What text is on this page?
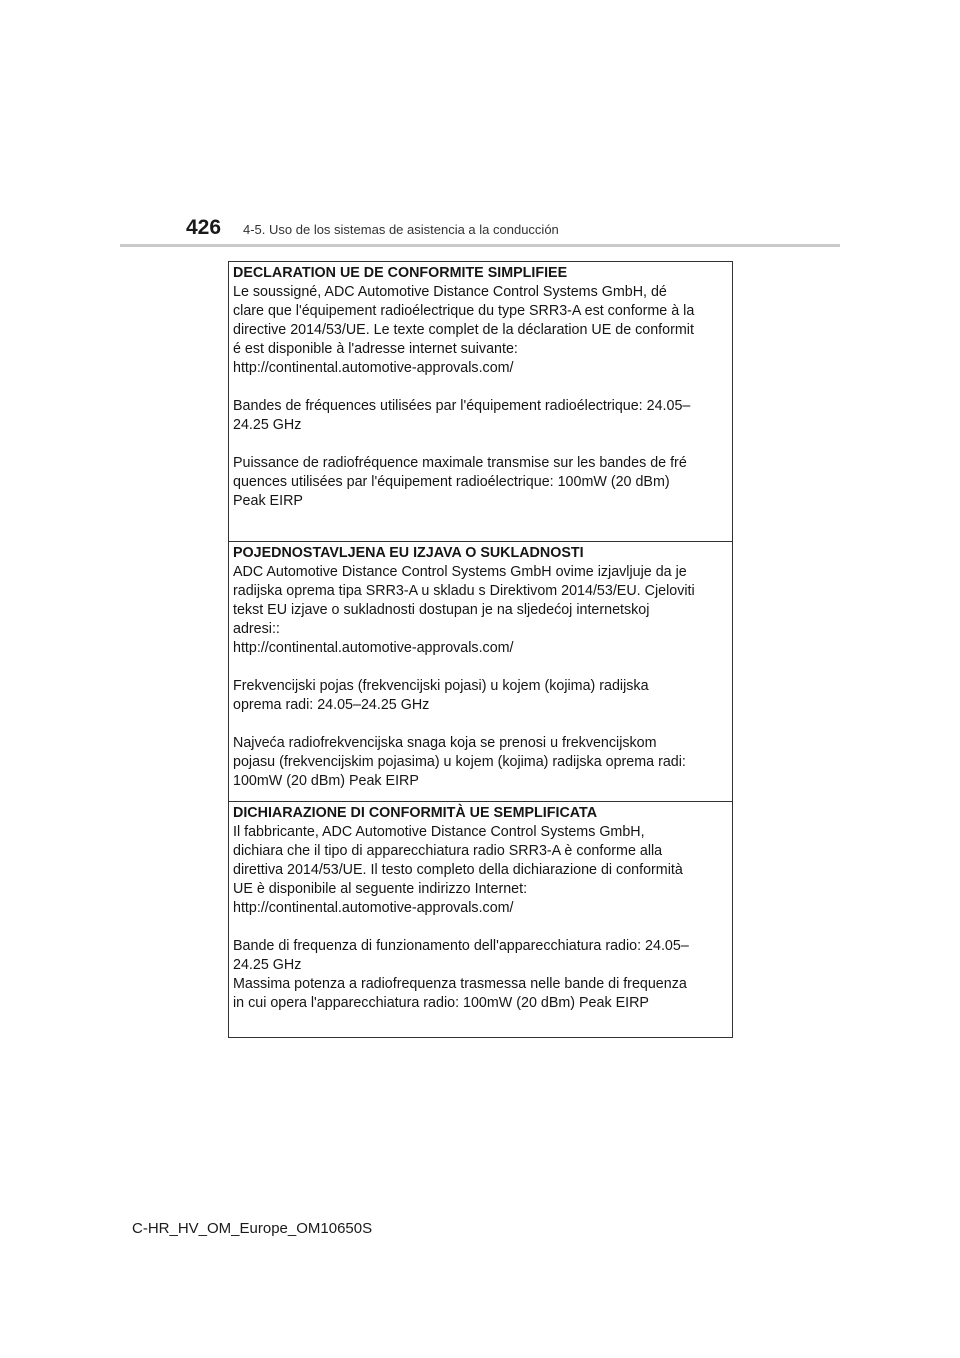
426 4-5. Uso de los sistemas de asistencia a la conducción

DECLARATION UE DE CONFORMITE SIMPLIFIEE

Le soussigné, ADC Automotive Distance Control Systems GmbH, dé

clare que l'équipement radioélectrique du type SRR3-A est conforme à la

directive 2014/53/UE. Le texte complet de la déclaration UE de conformit

é est disponible à l'adresse internet suivante:

http://continental.automotive-approvals.com/

Bandes de fréquences utilisées par l'équipement radioélectrique: 24.05–

24.25 GHz

Puissance de radiofréquence maximale transmise sur les bandes de fré

quences utilisées par l'équipement radioélectrique: 100mW (20 dBm)

Peak EIRP

POJEDNOSTAVLJENA EU IZJAVA O SUKLADNOSTI

ADC Automotive Distance Control Systems GmbH ovime izjavljuje da je

radijska oprema tipa SRR3-A u skladu s Direktivom 2014/53/EU. Cjeloviti

tekst EU izjave o sukladnosti dostupan je na sljedećoj internetskoj

adresi::

http://continental.automotive-approvals.com/

Frekvencijski pojas (frekvencijski pojasi) u kojem (kojima) radijska

oprema radi: 24.05–24.25 GHz

Najveća radiofrekvencijska snaga koja se prenosi u frekvencijskom

pojasu (frekvencijskim pojasima) u kojem (kojima) radijska oprema radi:

100mW (20 dBm) Peak EIRP

DICHIARAZIONE DI CONFORMITÀ UE SEMPLIFICATA

Il fabbricante, ADC Automotive Distance Control Systems GmbH,

dichiara che il tipo di apparecchiatura radio SRR3-A è conforme alla

direttiva 2014/53/UE. Il testo completo della dichiarazione di conformità

UE è disponibile al seguente indirizzo Internet:

http://continental.automotive-approvals.com/

Bande di frequenza di funzionamento dell'apparecchiatura radio: 24.05–

24.25 GHz

Massima potenza a radiofrequenza trasmessa nelle bande di frequenza

in cui opera l'apparecchiatura radio: 100mW (20 dBm) Peak EIRP

C-HR_HV_OM_Europe_OM10650S
